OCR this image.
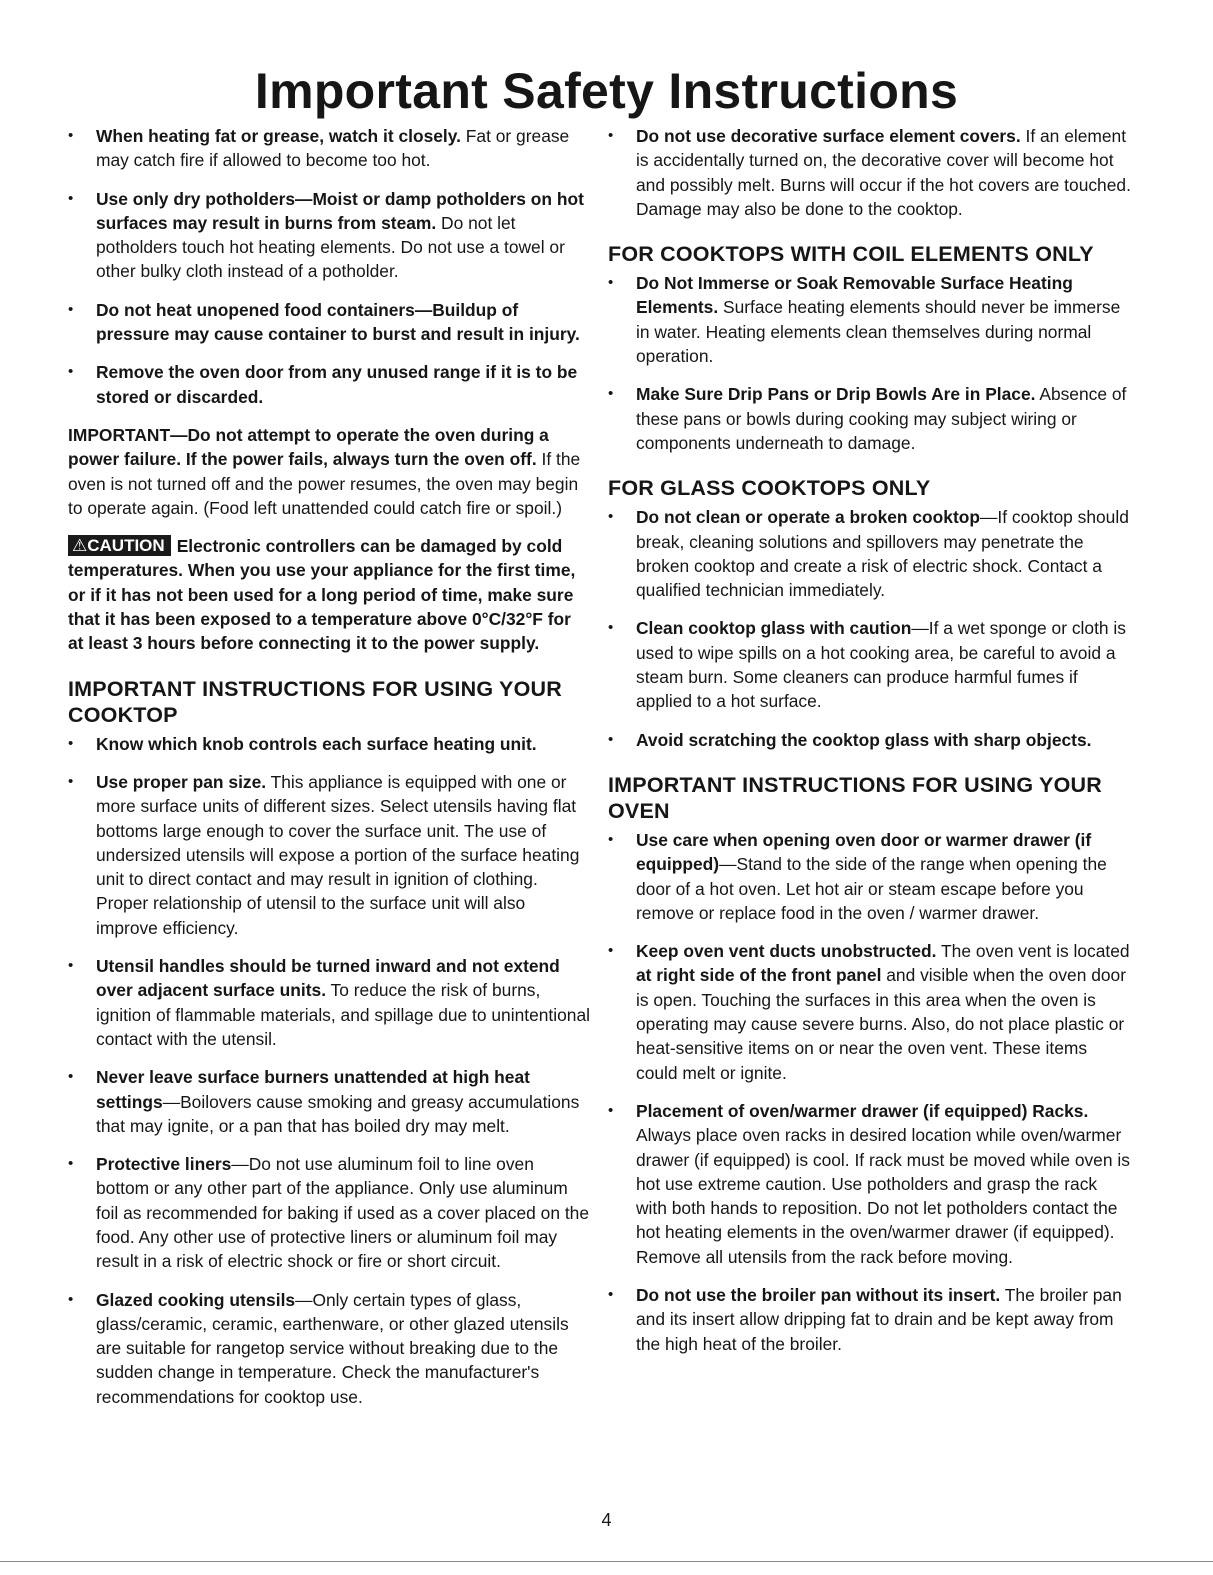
Important Safety Instructions

• When heating fat or grease, watch it closely. Fat or grease may catch fire if allowed to become too hot.

• Use only dry potholders—Moist or damp potholders on hot surfaces may result in burns from steam. Do not let potholders touch hot heating elements. Do not use a towel or other bulky cloth instead of a potholder.

• Do not heat unopened food containers—Buildup of pressure may cause container to burst and result in injury.

• Remove the oven door from any unused range if it is to be stored or discarded.

IMPORTANT—Do not attempt to operate the oven during a power failure. If the power fails, always turn the oven off. If the oven is not turned off and the power resumes, the oven may begin to operate again. (Food left unattended could catch fire or spoil.)

⚠CAUTION Electronic controllers can be damaged by cold temperatures. When you use your appliance for the first time, or if it has not been used for a long period of time, make sure that it has been exposed to a temperature above 0°C/32°F for at least 3 hours before connecting it to the power supply.

IMPORTANT INSTRUCTIONS FOR USING YOUR COOKTOP

• Know which knob controls each surface heating unit.

• Use proper pan size. This appliance is equipped with one or more surface units of different sizes. Select utensils having flat bottoms large enough to cover the surface unit. The use of undersized utensils will expose a portion of the surface heating unit to direct contact and may result in ignition of clothing. Proper relationship of utensil to the surface unit will also improve efficiency.

• Utensil handles should be turned inward and not extend over adjacent surface units. To reduce the risk of burns, ignition of flammable materials, and spillage due to unintentional contact with the utensil.

• Never leave surface burners unattended at high heat settings—Boilovers cause smoking and greasy accumulations that may ignite, or a pan that has boiled dry may melt.

• Protective liners—Do not use aluminum foil to line oven bottom or any other part of the appliance. Only use aluminum foil as recommended for baking if used as a cover placed on the food. Any other use of protective liners or aluminum foil may result in a risk of electric shock or fire or short circuit.

• Glazed cooking utensils—Only certain types of glass, glass/ceramic, ceramic, earthenware, or other glazed utensils are suitable for rangetop service without breaking due to the sudden change in temperature. Check the manufacturer's recommendations for cooktop use.

• Do not use decorative surface element covers. If an element is accidentally turned on, the decorative cover will become hot and possibly melt. Burns will occur if the hot covers are touched. Damage may also be done to the cooktop.

FOR COOKTOPS WITH COIL ELEMENTS ONLY

• Do Not Immerse or Soak Removable Surface Heating Elements. Surface heating elements should never be immerse in water. Heating elements clean themselves during normal operation.

• Make Sure Drip Pans or Drip Bowls Are in Place. Absence of these pans or bowls during cooking may subject wiring or components underneath to damage.

FOR GLASS COOKTOPS ONLY

• Do not clean or operate a broken cooktop—If cooktop should break, cleaning solutions and spillovers may penetrate the broken cooktop and create a risk of electric shock. Contact a qualified technician immediately.

• Clean cooktop glass with caution—If a wet sponge or cloth is used to wipe spills on a hot cooking area, be careful to avoid a steam burn. Some cleaners can produce harmful fumes if applied to a hot surface.

• Avoid scratching the cooktop glass with sharp objects.

IMPORTANT INSTRUCTIONS FOR USING YOUR OVEN

• Use care when opening oven door or warmer drawer (if equipped)—Stand to the side of the range when opening the door of a hot oven. Let hot air or steam escape before you remove or replace food in the oven / warmer drawer.

• Keep oven vent ducts unobstructed. The oven vent is located at right side of the front panel and visible when the oven door is open. Touching the surfaces in this area when the oven is operating may cause severe burns. Also, do not place plastic or heat-sensitive items on or near the oven vent. These items could melt or ignite.

• Placement of oven/warmer drawer (if equipped) Racks. Always place oven racks in desired location while oven/warmer drawer (if equipped) is cool. If rack must be moved while oven is hot use extreme caution. Use potholders and grasp the rack with both hands to reposition. Do not let potholders contact the hot heating elements in the oven/warmer drawer (if equipped). Remove all utensils from the rack before moving.

• Do not use the broiler pan without its insert. The broiler pan and its insert allow dripping fat to drain and be kept away from the high heat of the broiler.

4
